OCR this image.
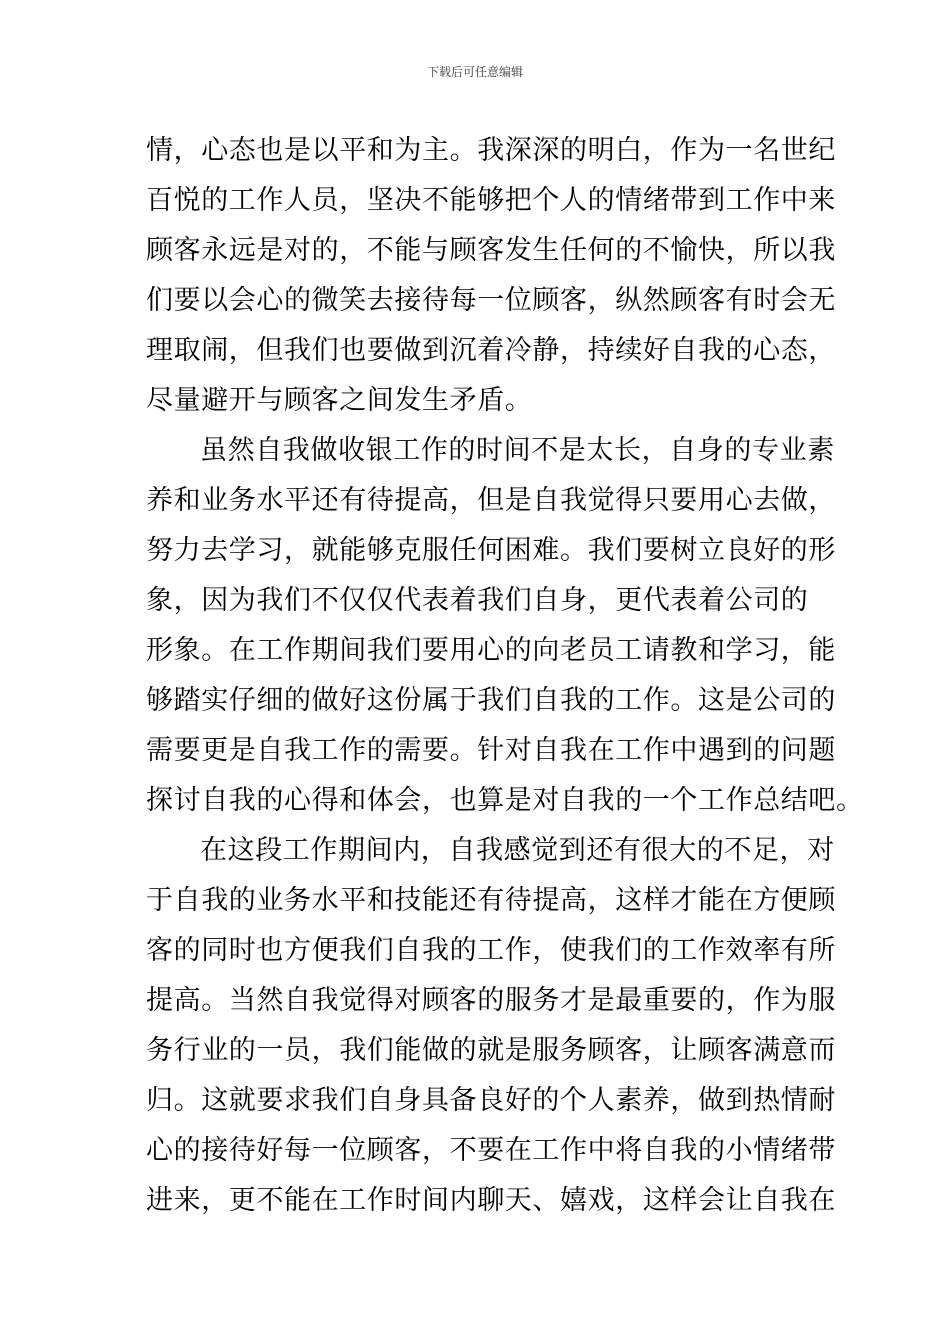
下载后可任意编辑
情，心态也是以平和为主。我深深的明白，作为一名世纪
百悦的工作人员，坚决不能够把个人的情绪带到工作中来
顾客永远是对的，不能与顾客发生任何的不愉快，所以我
们要以会心的微笑去接待每一位顾客，纵然顾客有时会无
理取闹，但我们也要做到沉着冷静，持续好自我的心态，
尽量避开与顾客之间发生矛盾。
虽然自我做收银工作的时间不是太长，自身的专业素
养和业务水平还有待提高，但是自我觉得只要用心去做，
努力去学习，就能够克服任何困难。我们要树立良好的形
象，因为我们不仅仅代表着我们自身，更代表着公司的
形象。在工作期间我们要用心的向老员工请教和学习，能
够踏实仔细的做好这份属于我们自我的工作。这是公司的
需要更是自我工作的需要。针对自我在工作中遇到的问题
探讨自我的心得和体会，也算是对自我的一个工作总结吧。
在这段工作期间内，自我感觉到还有很大的不足，对
于自我的业务水平和技能还有待提高，这样才能在方便顾
客的同时也方便我们自我的工作，使我们的工作效率有所
提高。当然自我觉得对顾客的服务才是最重要的，作为服
务行业的一员，我们能做的就是服务顾客，让顾客满意而
归。这就要求我们自身具备良好的个人素养，做到热情耐
心的接待好每一位顾客，不要在工作中将自我的小情绪带
进来，更不能在工作时间内聊天、嬉戏，这样会让自我在
